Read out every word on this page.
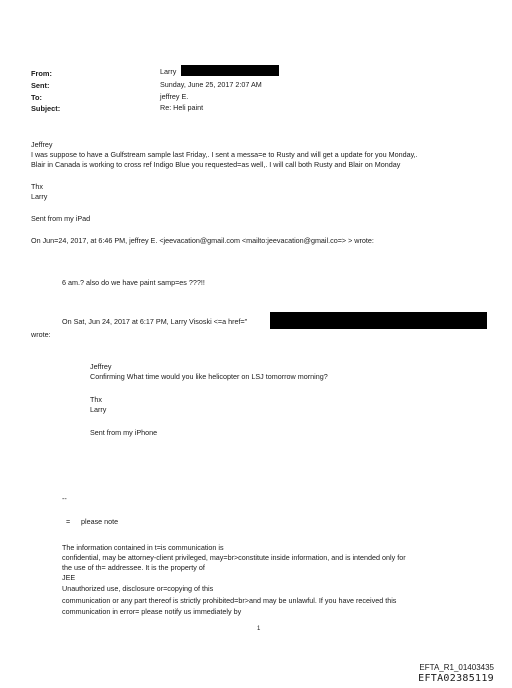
From:	Larry
Sent:	Sunday, June 25, 2017 2:07 AM
To:	jeffrey E.
Subject:	Re: Heli paint
Jeffrey
I was suppose to have a Gulfstream sample last Friday,. I sent a messa=e to Rusty and will get a update for you Monday,.
Blair in Canada is working to cross ref Indigo Blue you requested=as well,. I will call both Rusty and Blair on Monday
Thx
Larry
Sent from my iPad
On Jun=24, 2017, at 6:46 PM, jeffrey E. <jeevacation@gmail.com <mailto:jeevacation@gmail.co=> > wrote:
6 am.? also do we have paint samp=es ???!!
On Sat, Jun 24, 2017 at 6:17 PM, Larry Visoski <=a href="
wrote:
Jeffrey
Confirming What time would you like helicopter on LSJ tomorrow morning?
Thx
Larry
Sent from my iPhone
--
= please note
The information contained in t=is communication is
confidential, may be attorney-client privileged, may=br>constitute inside information, and is intended only for
the use of th= addressee. It is the property of
JEE
Unauthorized use, disclosure or=copying of this
communication or any part thereof is strictly prohibited=br>and may be unlawful. If you have received this
communication in error= please notify us immediately by
1
EFTA_R1_01403435
EFTA02385119
